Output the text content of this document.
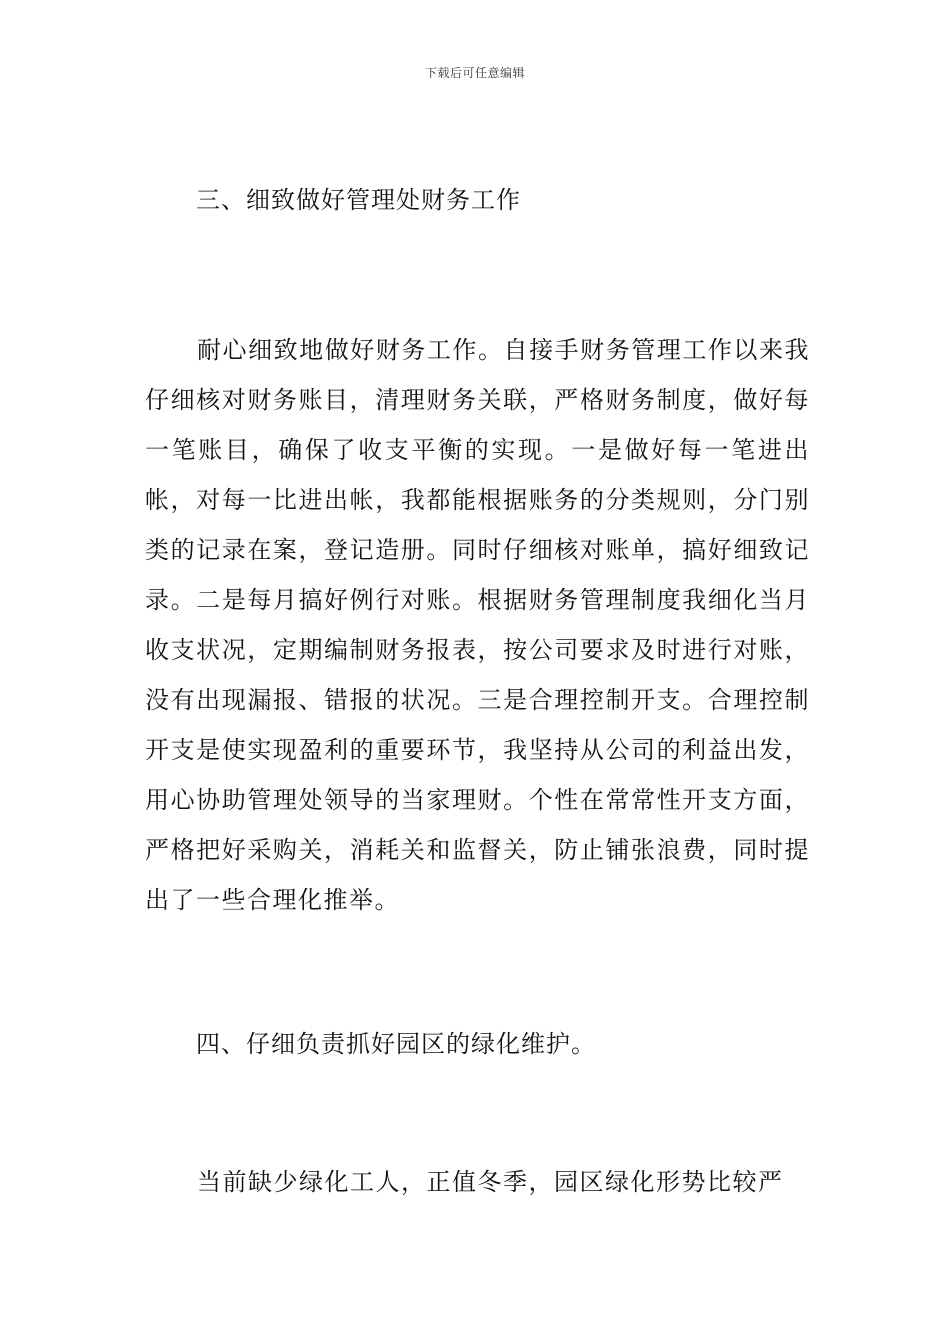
下载后可任意编辑
三、细致做好管理处财务工作

耐心细致地做好财务工作。自接手财务管理工作以来我仔细核对财务账目，清理财务关联，严格财务制度，做好每一笔账目，确保了收支平衡的实现。一是做好每一笔进出帐，对每一比进出帐，我都能根据账务的分类规则，分门别类的记录在案，登记造册。同时仔细核对账单，搞好细致记录。二是每月搞好例行对账。根据财务管理制度我细化当月收支状况，定期编制财务报表，按公司要求及时进行对账，没有出现漏报、错报的状况。三是合理控制开支。合理控制开支是使实现盈利的重要环节，我坚持从公司的利益出发，用心协助管理处领导的当家理财。个性在常常性开支方面，严格把好采购关，消耗关和监督关，防止铺张浪费，同时提出了一些合理化推举。

四、仔细负责抓好园区的绿化维护。

当前缺少绿化工人，正值冬季，园区绿化形势比较严
